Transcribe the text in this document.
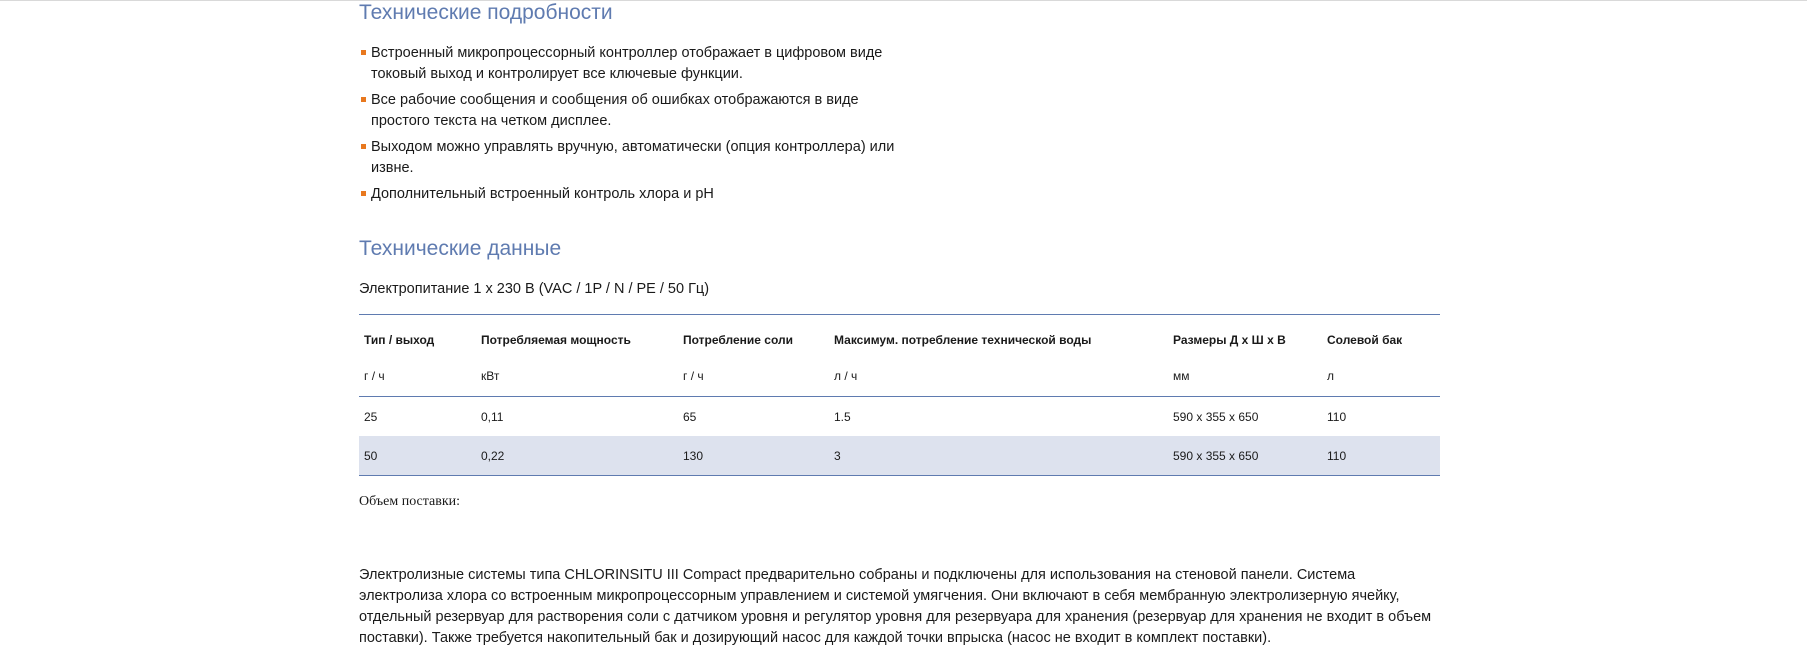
Технические подробности
Встроенный микропроцессорный контроллер отображает в цифровом виде токовый выход и контролирует все ключевые функции.
Все рабочие сообщения и сообщения об ошибках отображаются в виде простого текста на четком дисплее.
Выходом можно управлять вручную, автоматически (опция контроллера) или извне.
Дополнительный встроенный контроль хлора и pH
Технические данные
Электропитание 1 x 230 В (VAC / 1P / N / PE / 50 Гц)
Тип / выход	Потребляемая мощность	Потребление соли	Максимум. потребление технической воды	Размеры Д x Ш x В	Солевой бак
г / ч	кВт	г / ч	л / ч	мм	л
25	0,11	65	1.5	590 x 355 x 650	110
50	0,22	130	3	590 x 355 x 650	110
Объем поставки:
Электролизные системы типа CHLORINSITU III Compact предварительно собраны и подключены для использования на стеновой панели. Система электролиза хлора со встроенным микропроцессорным управлением и системой умягчения. Они включают в себя мембранную электролизерную ячейку, отдельный резервуар для растворения соли с датчиком уровня и регулятор уровня для резервуара для хранения (резервуар для хранения не входит в объем поставки). Также требуется накопительный бак и дозирующий насос для каждой точки впрыска (насос не входит в комплект поставки).
